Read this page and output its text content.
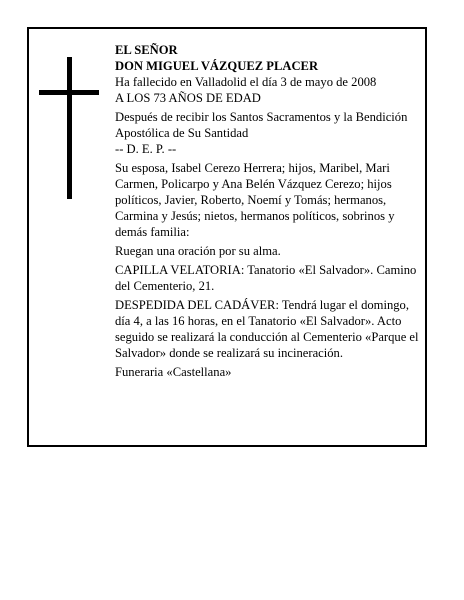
EL SEÑOR

DON MIGUEL VÁZQUEZ PLACER

Ha fallecido en Valladolid el día 3 de mayo de 2008

A LOS 73 AÑOS DE EDAD

Después de recibir los Santos Sacramentos y la Bendición Apostólica de Su Santidad

-- D. E. P. --

Su esposa, Isabel Cerezo Herrera; hijos, Maribel, Mari Carmen, Policarpo y Ana Belén Vázquez Cerezo; hijos políticos, Javier, Roberto, Noemí y Tomás; hermanos, Carmina y Jesús; nietos, hermanos políticos, sobrinos y demás familia:

Ruegan una oración por su alma.

CAPILLA VELATORIA: Tanatorio «El Salvador». Camino del Cementerio, 21.

DESPEDIDA DEL CADÁVER: Tendrá lugar el domingo, día 4, a las 16 horas, en el Tanatorio «El Salvador». Acto seguido se realizará la conducción al Cementerio «Parque el Salvador» donde se realizará su incineración.

Funeraria «Castellana»
